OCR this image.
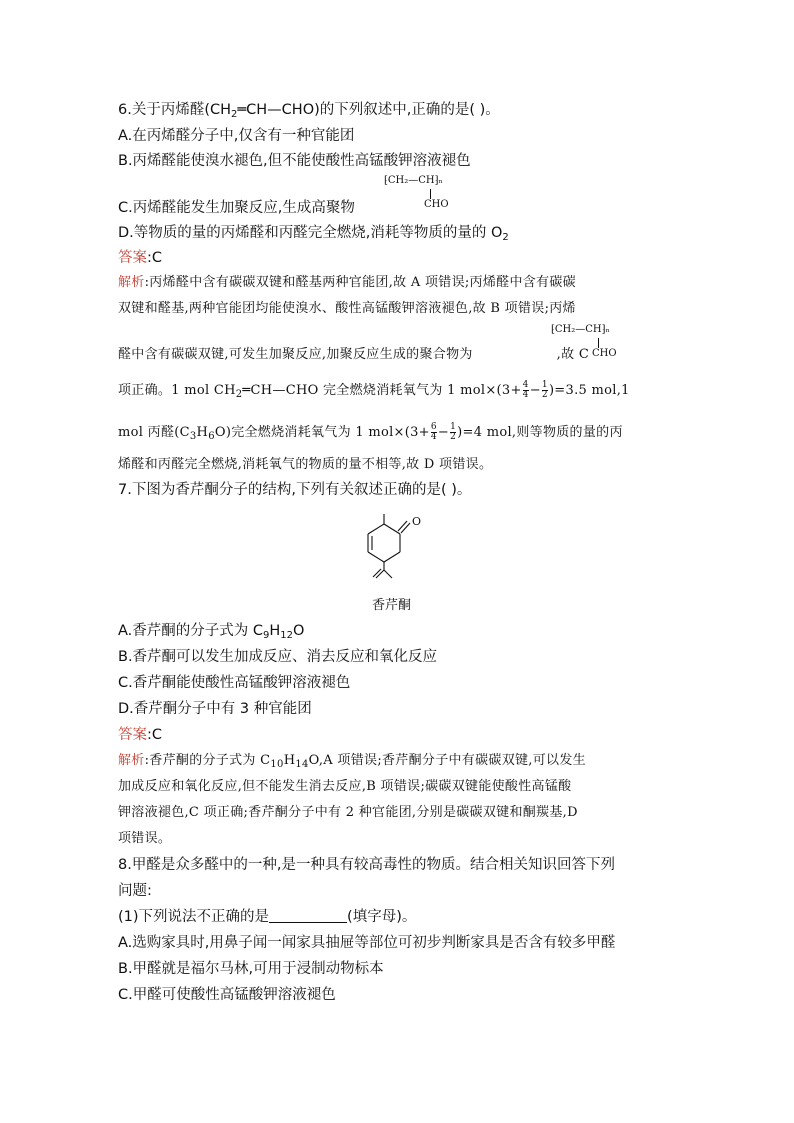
6.关于丙烯醛$(CH_2═CH—CHO)$的下列叙述中,正确的是( )。
A.在丙烯醛分子中,仅含有一种官能团
B.丙烯醛能使溴水褪色,但不能使酸性高锰酸钾溶液褪色
⁅CH₂—CH⁆ₙ
CHO
C.丙烯醛能发生加聚反应,生成高聚物
D.等物质的量的丙烯醛和丙醛完全燃烧,消耗等物质的量的 $O_2$
答案:C
解析:丙烯醛中含有碳碳双键和醛基两种官能团,故 A 项错误;丙烯醛中含有碳碳
双键和醛基,两种官能团均能使溴水、酸性高锰酸钾溶液褪色,故 B 项错误;丙烯
⁅CH₂—CH⁆ₙ
CHO
醛中含有碳碳双键,可发生加聚反应,加聚反应生成的聚合物为	,故 C
项正确。1 mol $CH_2═CH—CHO$ 完全燃烧消耗氧气为 1 $mol\times(3+ \frac{4}{4} - \frac{1}{2} )=3.5$ mol,1
mol 丙醛$(C_3H_6O)$完全燃烧消耗氧气为 1 $mol\times(3+ \frac{6}{4} - \frac{1}{2} )=4$ mol,则等物质的量的丙
烯醛和丙醛完全燃烧,消耗氧气的物质的量不相等,故 D 项错误。
7.下图为香芹酮分子的结构,下列有关叙述正确的是( )。
O
香芹酮
A.香芹酮的分子式为 $C_9H_{12}O$
B.香芹酮可以发生加成反应、消去反应和氧化反应
C.香芹酮能使酸性高锰酸钾溶液褪色
D.香芹酮分子中有 3 种官能团
答案:C
解析:香芹酮的分子式为 $C_{10}H_{14}O,A$ 项错误;香芹酮分子中有碳碳双键,可以发生
加成反应和氧化反应,但不能发生消去反应,B 项错误;碳碳双键能使酸性高锰酸
钾溶液褪色,C 项正确;香芹酮分子中有 2 种官能团,分别是碳碳双键和酮羰基,D
项错误。
8.甲醛是众多醛中的一种,是一种具有较高毒性的物质。结合相关知识回答下列
问题:
(1)下列说法不正确的是	(填字母)。
A.选购家具时,用鼻子闻一闻家具抽屉等部位可初步判断家具是否含有较多甲醛
B.甲醛就是福尔马林,可用于浸制动物标本
C.甲醛可使酸性高锰酸钾溶液褪色
